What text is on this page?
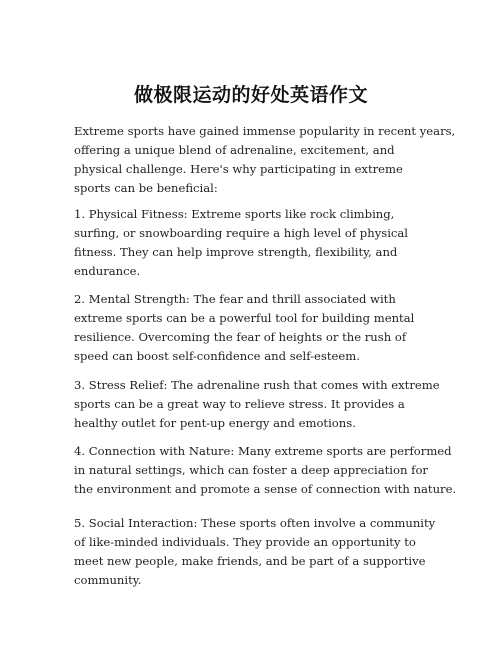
做极限运动的好处英语作文
Extreme sports have gained immense popularity in recent years,
offering a unique blend of adrenaline, excitement, and
physical challenge. Here's why participating in extreme
sports can be beneficial:
1. Physical Fitness: Extreme sports like rock climbing,
surfing, or snowboarding require a high level of physical
fitness. They can help improve strength, flexibility, and
endurance.
2. Mental Strength: The fear and thrill associated with
extreme sports can be a powerful tool for building mental
resilience. Overcoming the fear of heights or the rush of
speed can boost self-confidence and self-esteem.
3. Stress Relief: The adrenaline rush that comes with extreme
sports can be a great way to relieve stress. It provides a
healthy outlet for pent-up energy and emotions.
4. Connection with Nature: Many extreme sports are performed
in natural settings, which can foster a deep appreciation for
the environment and promote a sense of connection with nature.
5. Social Interaction: These sports often involve a community
of like-minded individuals. They provide an opportunity to
meet new people, make friends, and be part of a supportive
community.
